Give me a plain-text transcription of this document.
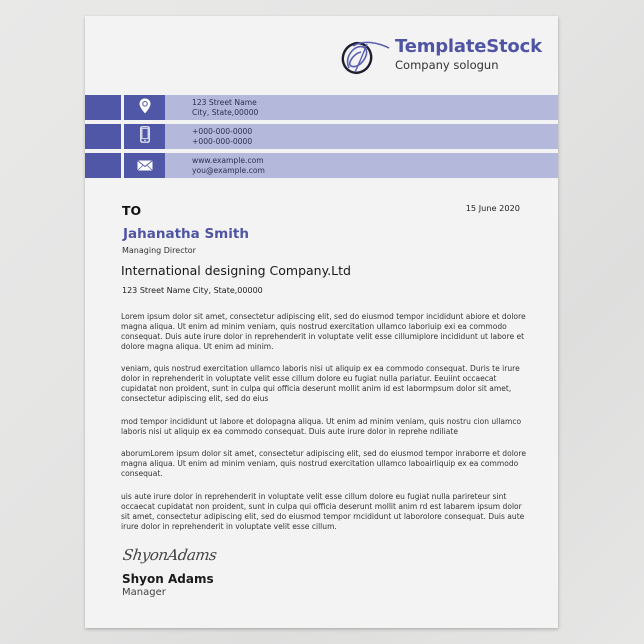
TemplateStock
Company sologun
123 Street Name
City, State,00000
+000-000-0000
+000-000-0000
www.example.com
you@example.com
TO	15 June 2020
Jahanatha Smith
Managing Director
International designing Company.Ltd
123 Street Name City, State,00000

Lorem ipsum dolor sit amet, consectetur adipiscing elit, sed do eiusmod tempor incididunt abiore et dolore magna aliqua. Ut enim ad minim veniam, quis nostrud exercitation ullamco laboriuip exi ea commodo consequat. Duis aute irure dolor in reprehenderit in voluptate velit esse cillumiplore incididunt ut labore et dolore magna aliqua. Ut enim ad minim.

veniam, quis nostrud exercitation ullamco laboris nisi ut aliquip ex ea commodo consequat. Duris te irure dolor in reprehenderit in voluptate velit esse cillum dolore eu fugiat nulla pariatur. Eeuiint occaecat cupidatat non proident, sunt in culpa qui officia deserunt mollit anim id est labormpsum dolor sit amet, consectetur adipiscing elit, sed do eius

mod tempor incididunt ut labore et dolopagna aliqua. Ut enim ad minim veniam, quis nostru cion ullamco laboris nisi ut aliquip ex ea commodo consequat. Duis aute irure dolor in reprehe ndiliate

aborumLorem ipsum dolor sit amet, consectetur adipiscing elit, sed do eiusmod tempor inraborre et dolore magna aliqua. Ut enim ad minim veniam, quis nostrud exercitation ullamco laboairliquip ex ea commodo consequat.

uis aute irure dolor in reprehenderit in voluptate velit esse cillum dolore eu fugiat nulla parireteur sint occaecat cupidatat non proident, sunt in culpa qui officia deserunt mollit anim rd est labarem ipsum dolor sit amet, consectetur adipiscing elit, sed do eiusmod tempor rncididunt ut laborolore consequat. Duis aute irure dolor in reprehenderit in voluptate velit esse cillum.

ShyonAdams
Shyon Adams
Manager
